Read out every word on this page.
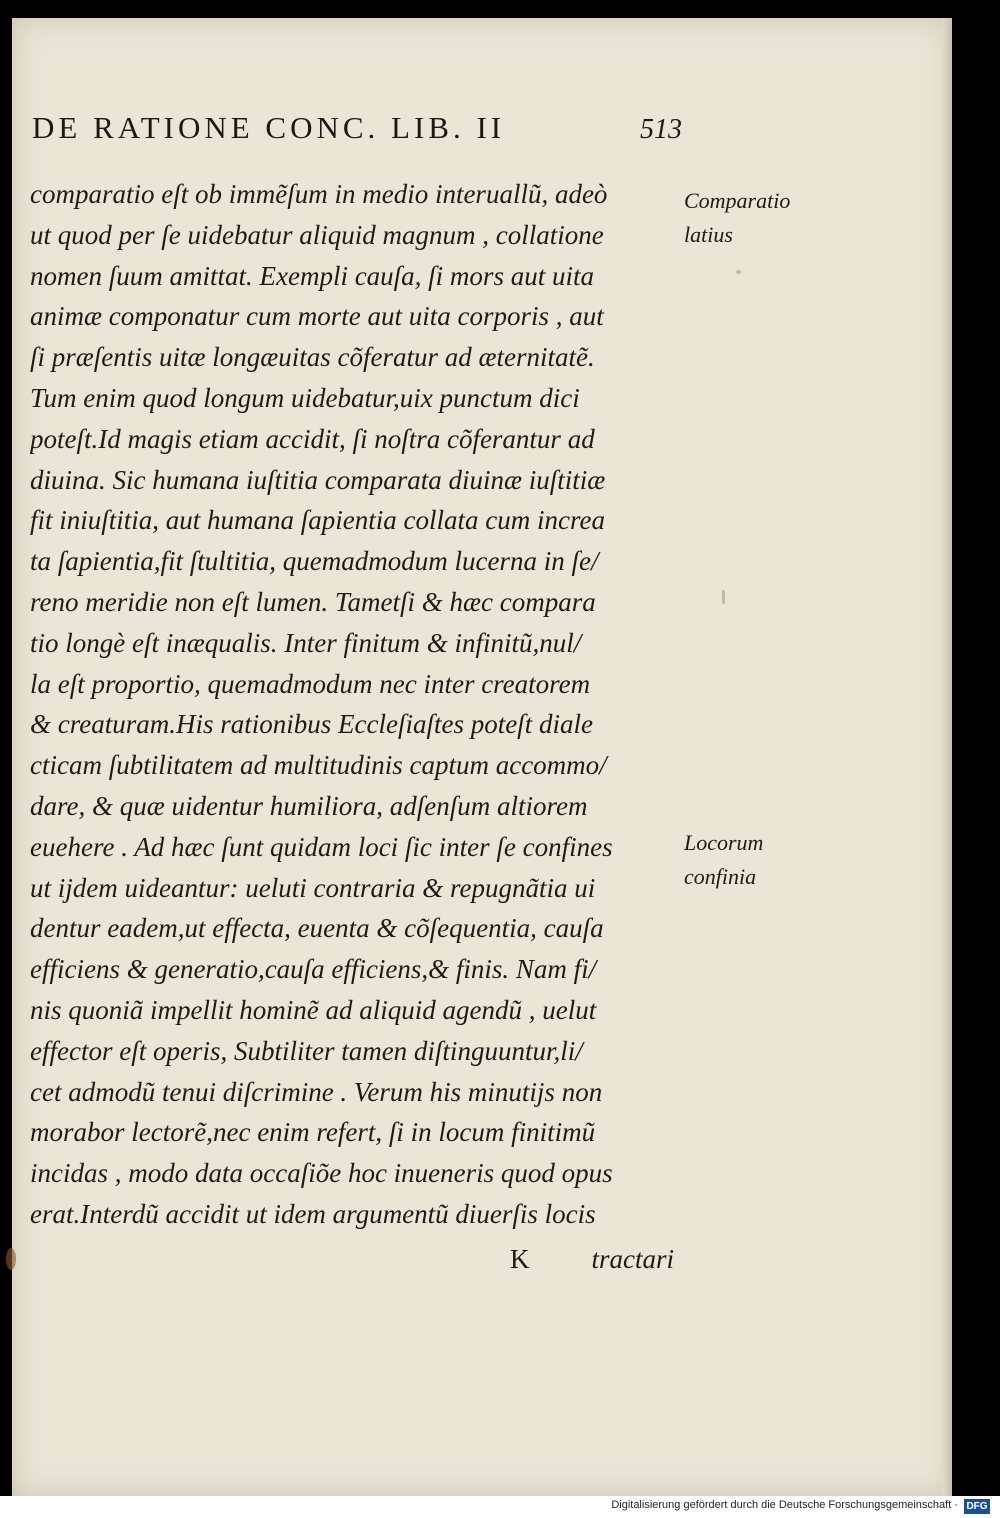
DE RATIONE CONC. LIB. II	513
comparatio eſt ob immẽſum in medio interuallũ, adeò
ut quod per ſe uidebatur aliquid magnum , collatione
nomen ſuum amittat. Exempli cauſa, ſi mors aut uita
animæ componatur cum morte aut uita corporis , aut
ſi præſentis uitæ longæuitas cõferatur ad æternitatẽ.
Tum enim quod longum uidebatur,uix punctum dici
poteſt.Id magis etiam accidit, ſi noſtra cõferantur ad
diuina. Sic humana iuſtitia comparata diuinæ iuſtitiæ
fit iniuſtitia, aut humana ſapientia collata cum increa
ta ſapientia,fit ſtultitia, quemadmodum lucerna in ſe/
reno meridie non eſt lumen. Tametſi & hæc compara
tio longè eſt inæqualis. Inter finitum & infinitũ,nul/
la eſt proportio, quemadmodum nec inter creatorem
& creaturam.His rationibus Eccleſiaſtes poteſt diale
cticam ſubtilitatem ad multitudinis captum accommo/
dare, & quæ uidentur humiliora, adſenſum altiorem
euehere . Ad hæc ſunt quidam loci ſic inter ſe confines
ut ijdem uideantur: ueluti contraria & repugnãtia ui
dentur eadem,ut effecta, euenta & cõſequentia, cauſa
efficiens & generatio,cauſa efficiens,& finis. Nam fi/
nis quoniã impellit hominẽ ad aliquid agendũ , uelut
effector eſt operis, Subtiliter tamen diſtinguuntur,li/
cet admodũ tenui diſcrimine . Verum his minutijs non
morabor lectorẽ,nec enim refert, ſi in locum finitimũ
incidas , modo data occaſiõe hoc inueneris quod opus
erat.Interdũ accidit ut idem argumentũ diuerſis locis
Comparatio
latius
Locorum
confinia
K tractari
Digitalisierung gefördert durch die Deutsche Forschungsgemeinschaft · DFG
